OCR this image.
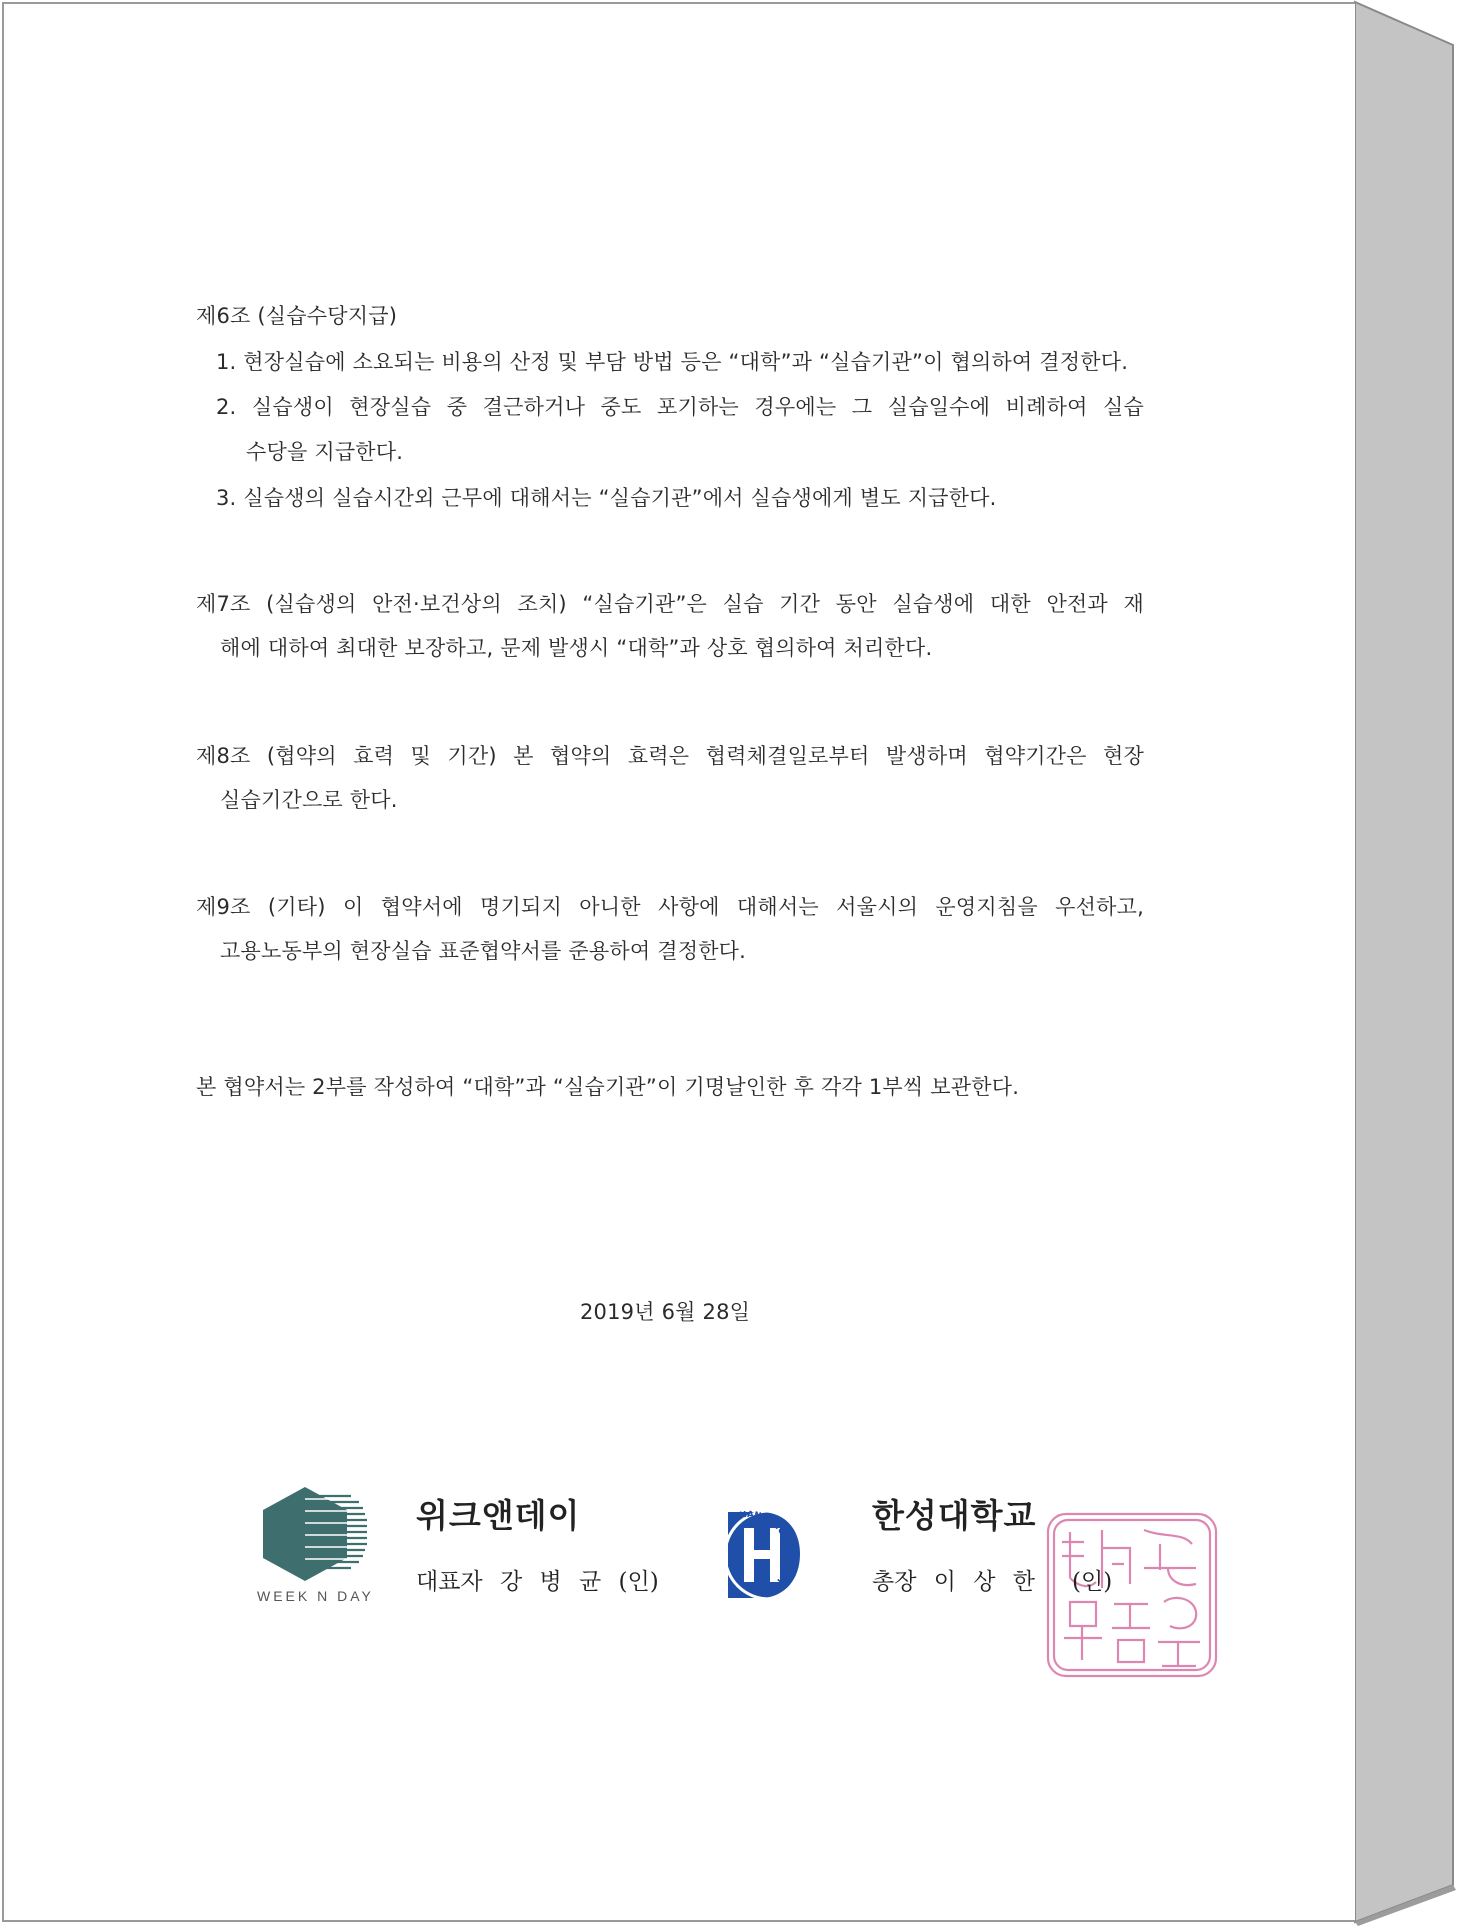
제6조 (실습수당지급)
1. 현장실습에 소요되는 비용의 산정 및 부담 방법 등은 “대학”과 “실습기관”이 협의하여 결정한다.
2. 실습생이 현장실습 중 결근하거나 중도 포기하는 경우에는 그 실습일수에 비례하여 실습
수당을 지급한다.
3. 실습생의 실습시간외 근무에 대해서는 “실습기관”에서 실습생에게 별도 지급한다.
제7조 (실습생의 안전·보건상의 조치) “실습기관”은 실습 기간 동안 실습생에 대한 안전과 재
해에 대하여 최대한 보장하고, 문제 발생시 “대학”과 상호 협의하여 처리한다.
제8조 (협약의 효력 및 기간) 본 협약의 효력은 협력체결일로부터 발생하며 협약기간은 현장
실습기간으로 한다.
제9조 (기타) 이 협약서에 명기되지 아니한 사항에 대해서는 서울시의 운영지침을 우선하고,
고용노동부의 현장실습 표준협약서를 준용하여 결정한다.
본 협약서는 2부를 작성하여 “대학”과 “실습기관”이 기명날인한 후 각각 1부씩 보관한다.
2019년 6월 28일
WEEK N DAY
위크앤데이
대표자 강 병 균 (인)
HANSUNG UNIVERSITY
한성대학교
총장 이 상 한 (인)
